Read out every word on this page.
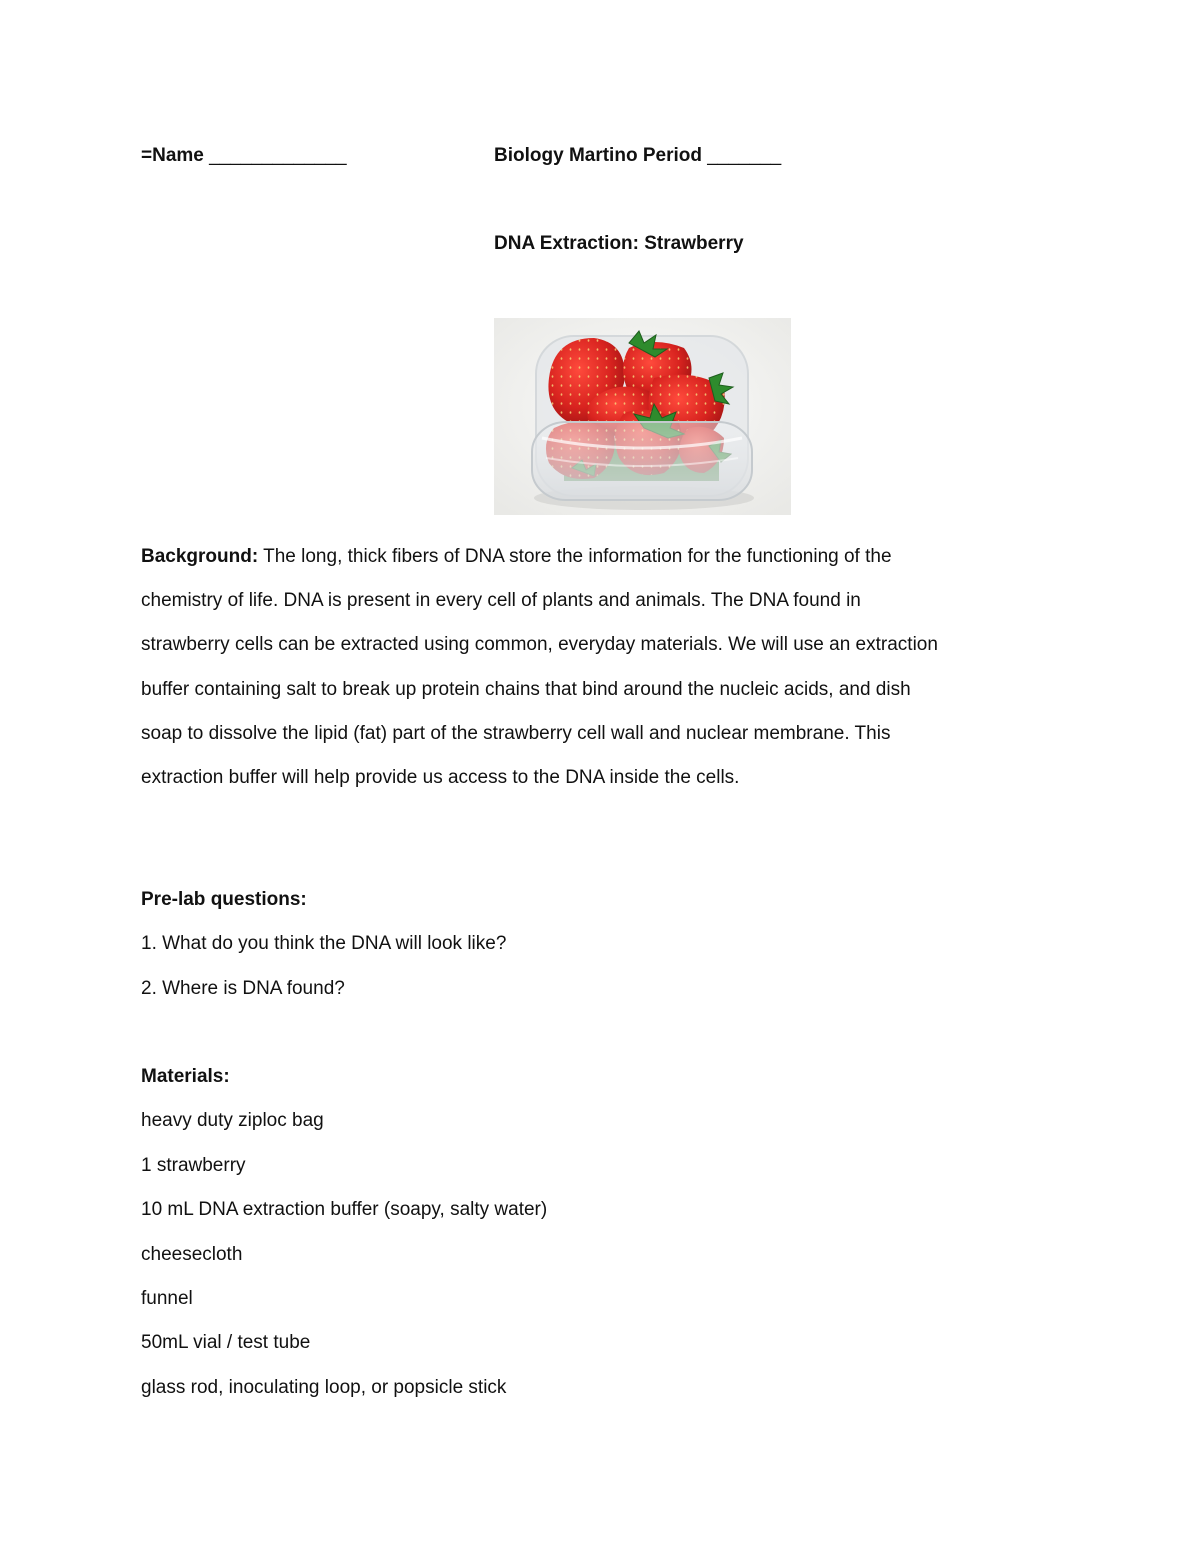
=Name _____________	Biology Martino Period _______
DNA Extraction: Strawberry
Background: The long, thick fibers of DNA store the information for the functioning of the
chemistry of life. DNA is present in every cell of plants and animals. The DNA found in
strawberry cells can be extracted using common, everyday materials. We will use an extraction
buffer containing salt to break up protein chains that bind around the nucleic acids, and dish
soap to dissolve the lipid (fat) part of the strawberry cell wall and nuclear membrane. This
extraction buffer will help provide us access to the DNA inside the cells.
Pre-lab questions:
1. What do you think the DNA will look like?
2. Where is DNA found?
Materials:
heavy duty ziploc bag
1 strawberry
10 mL DNA extraction buffer (soapy, salty water)
cheesecloth
funnel
50mL vial / test tube
glass rod, inoculating loop, or popsicle stick
